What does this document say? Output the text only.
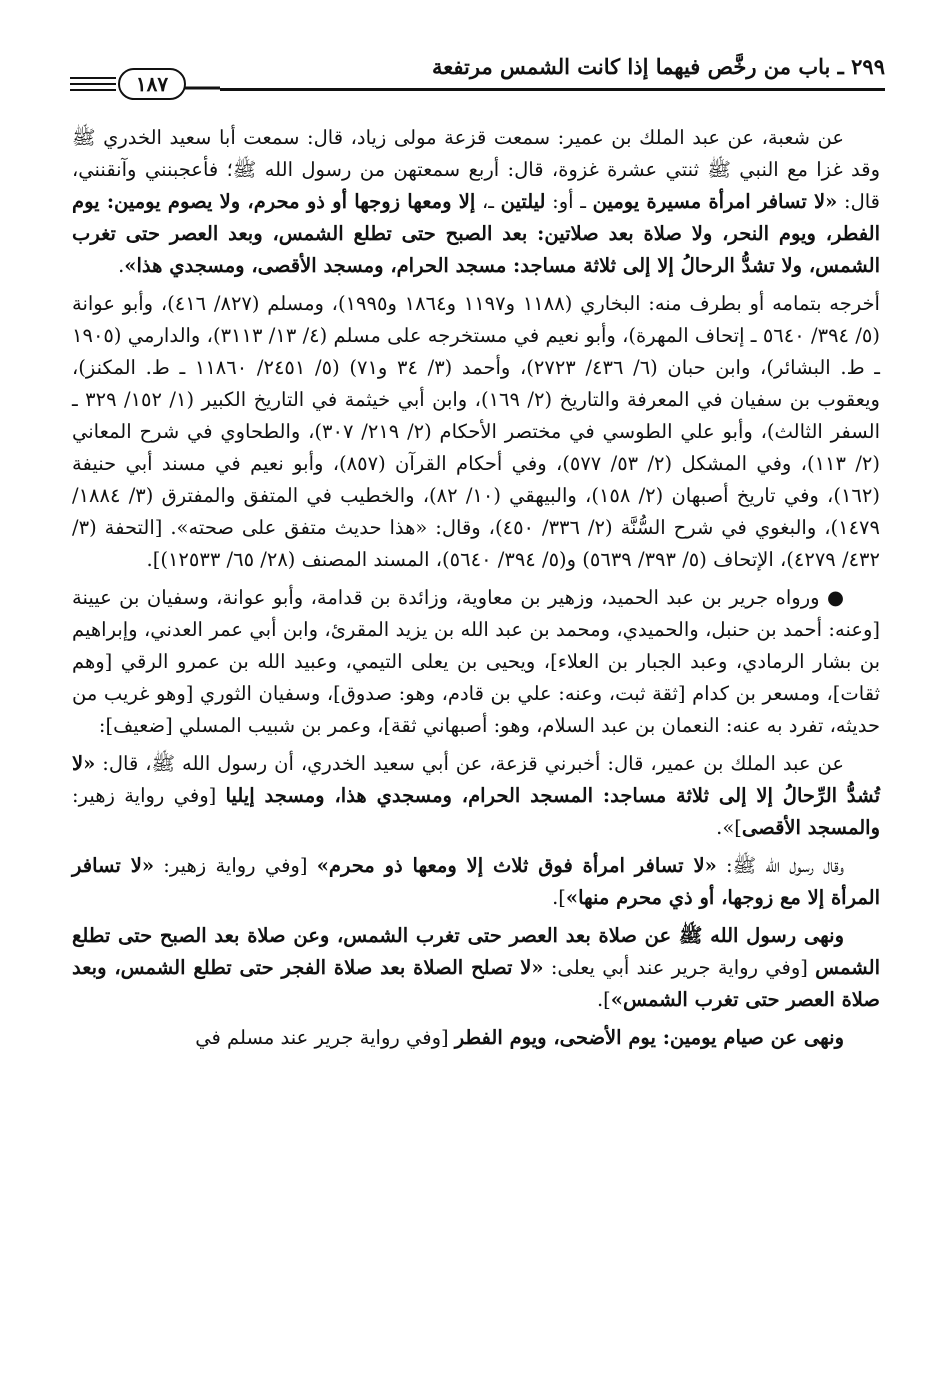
٢٩٩ ـ باب من رخَّص فيهما إذا كانت الشمس مرتفعة
١٨٧

عن شعبة، عن عبد الملك بن عمير: سمعت قزعة مولى زياد، قال: سمعت أبا سعيد الخدري ﷺ وقد غزا مع النبي ﷺ ثنتي عشرة غزوة، قال: أربع سمعتهن من رسول الله ﷺ؛ فأعجبنني وآنقنني، قال: «لا تسافر امرأة مسيرة يومين ـ أو: ليلتين ـ، إلا ومعها زوجها أو ذو محرم، ولا يصوم يومين: يوم الفطر، ويوم النحر، ولا صلاة بعد صلاتين: بعد الصبح حتى تطلع الشمس، وبعد العصر حتى تغرب الشمس، ولا تشدُّ الرحالُ إلا إلى ثلاثة مساجد: مسجد الحرام، ومسجد الأقصى، ومسجدي هذا».

أخرجه بتمامه أو بطرف منه: البخاري (١١٨٨ و١١٩٧ و١٨٦٤ و١٩٩٥)، ومسلم (٨٢٧/ ٤١٦)، وأبو عوانة (٥/ ٣٩٤/ ٥٦٤٠ ـ إتحاف المهرة)، وأبو نعيم في مستخرجه على مسلم (٤/ ١٣/ ٣١١٣)، والدارمي (١٩٠٥ ـ ط. البشائر)، وابن حبان (٦/ ٤٣٦/ ٢٧٢٣)، وأحمد (٣/ ٣٤ و٧١) (٥/ ٢٤٥١/ ١١٨٦٠ ـ ط. المكنز)، ويعقوب بن سفيان في المعرفة والتاريخ (٢/ ١٦٩)، وابن أبي خيثمة في التاريخ الكبير (١/ ١٥٢/ ٣٢٩ ـ السفر الثالث)، وأبو علي الطوسي في مختصر الأحكام (٢/ ٢١٩/ ٣٠٧)، والطحاوي في شرح المعاني (٢/ ١١٣)، وفي المشكل (٢/ ٥٣/ ٥٧٧)، وفي أحكام القرآن (٨٥٧)، وأبو نعيم في مسند أبي حنيفة (١٦٢)، وفي تاريخ أصبهان (٢/ ١٥٨)، والبيهقي (١٠/ ٨٢)، والخطيب في المتفق والمفترق (٣/ ١٨٨٤/ ١٤٧٩)، والبغوي في شرح السُّنَّة (٢/ ٣٣٦/ ٤٥٠)، وقال: «هذا حديث متفق على صحته». [التحفة (٣/ ٤٣٢/ ٤٢٧٩)، الإتحاف (٥/ ٣٩٣/ ٥٦٣٩) و(٥/ ٣٩٤/ ٥٦٤٠)، المسند المصنف (٢٨/ ٦٥/ ١٢٥٣٣)].

● ورواه جرير بن عبد الحميد، وزهير بن معاوية، وزائدة بن قدامة، وأبو عوانة، وسفيان بن عيينة [وعنه: أحمد بن حنبل، والحميدي، ومحمد بن عبد الله بن يزيد المقرئ، وابن أبي عمر العدني، وإبراهيم بن بشار الرمادي، وعبد الجبار بن العلاء]، ويحيى بن يعلى التيمي، وعبيد الله بن عمرو الرقي [وهم ثقات]، ومسعر بن كدام [ثقة ثبت، وعنه: علي بن قادم، وهو: صدوق]، وسفيان الثوري [وهو غريب من حديثه، تفرد به عنه: النعمان بن عبد السلام، وهو: أصبهاني ثقة]، وعمر بن شبيب المسلي [ضعيف]:

عن عبد الملك بن عمير، قال: أخبرني قزعة، عن أبي سعيد الخدري، أن رسول الله ﷺ، قال: «لا تُشدُّ الرِّحالُ إلا إلى ثلاثة مساجد: المسجد الحرام، ومسجدي هذا، ومسجد إيليا [وفي رواية زهير: والمسجد الأقصى]».

وقال رسول الله ﷺ: «لا تسافر امرأة فوق ثلاث إلا ومعها ذو محرم» [وفي رواية زهير: «لا تسافر المرأة إلا مع زوجها، أو ذي محرم منها»].

ونهى رسول الله ﷺ عن صلاة بعد العصر حتى تغرب الشمس، وعن صلاة بعد الصبح حتى تطلع الشمس [وفي رواية جرير عند أبي يعلى: «لا تصلح الصلاة بعد صلاة الفجر حتى تطلع الشمس، وبعد صلاة العصر حتى تغرب الشمس»].

ونهى عن صيام يومين: يوم الأضحى، ويوم الفطر [وفي رواية جرير عند مسلم في
